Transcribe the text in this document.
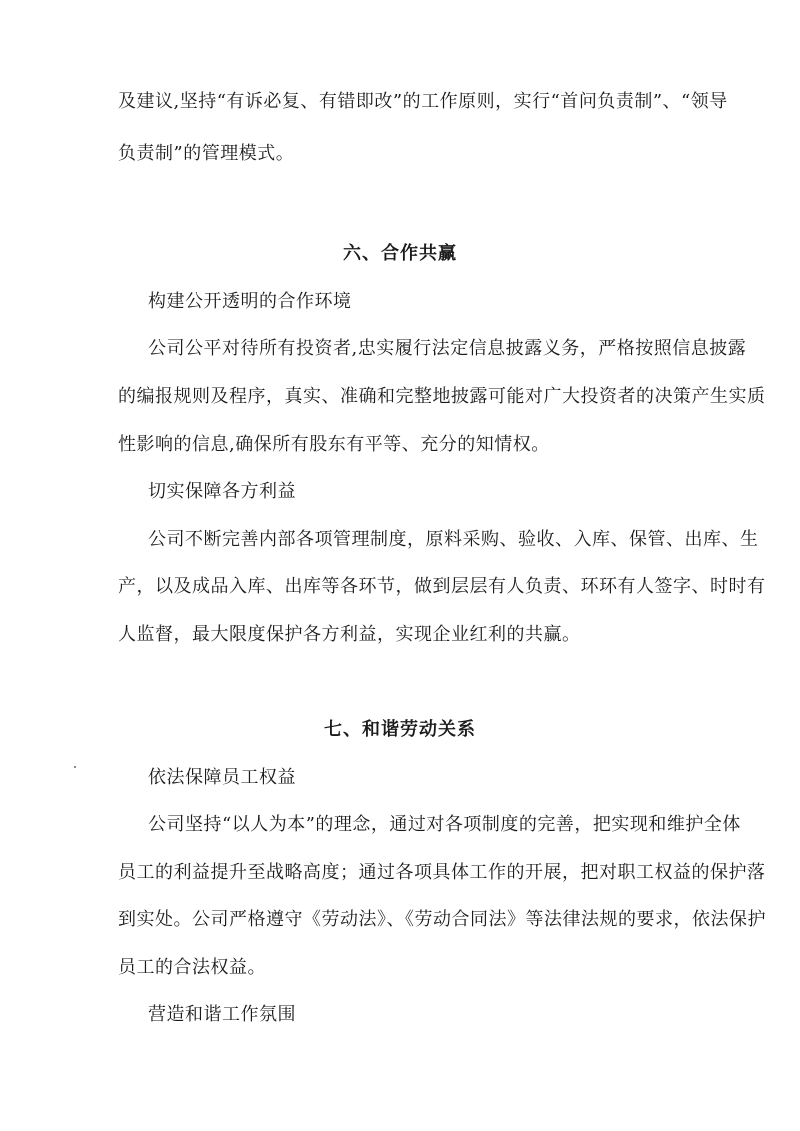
及建议,坚持“有诉必复、有错即改”的工作原则，实行“首问负责制”、“领导
负责制”的管理模式。
六、合作共赢
构建公开透明的合作环境
公司公平对待所有投资者,忠实履行法定信息披露义务，严格按照信息披露
的编报规则及程序，真实、准确和完整地披露可能对广大投资者的决策产生实质
性影响的信息,确保所有股东有平等、充分的知情权。
切实保障各方利益
公司不断完善内部各项管理制度，原料采购、验收、入库、保管、出库、生
产，以及成品入库、出库等各环节，做到层层有人负责、环环有人签字、时时有
人监督，最大限度保护各方利益，实现企业红利的共赢。
七、和谐劳动关系
依法保障员工权益
公司坚持“以人为本”的理念，通过对各项制度的完善，把实现和维护全体
员工的利益提升至战略高度；通过各项具体工作的开展，把对职工权益的保护落
到实处。公司严格遵守《劳动法》、《劳动合同法》等法律法规的要求，依法保护
员工的合法权益。
营造和谐工作氛围
